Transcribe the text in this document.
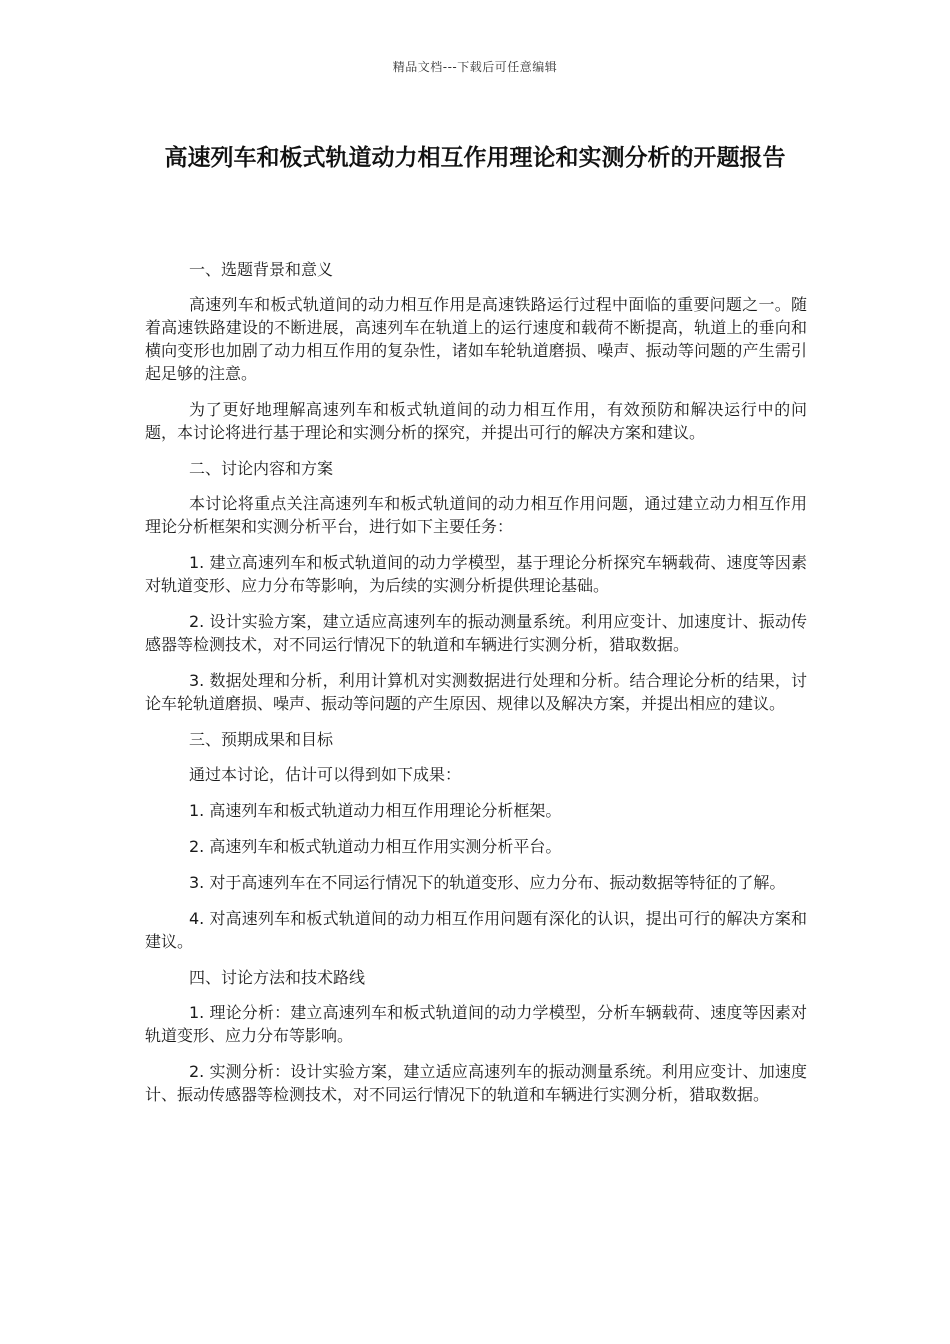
精品文档---下载后可任意编辑
高速列车和板式轨道动力相互作用理论和实测分析的开题报告

一、选题背景和意义

高速列车和板式轨道间的动力相互作用是高速铁路运行过程中面临的重要问题之一。随着高速铁路建设的不断进展，高速列车在轨道上的运行速度和载荷不断提高，轨道上的垂向和横向变形也加剧了动力相互作用的复杂性，诸如车轮轨道磨损、噪声、振动等问题的产生需引起足够的注意。

为了更好地理解高速列车和板式轨道间的动力相互作用，有效预防和解决运行中的问题，本讨论将进行基于理论和实测分析的探究，并提出可行的解决方案和建议。

二、讨论内容和方案

本讨论将重点关注高速列车和板式轨道间的动力相互作用问题，通过建立动力相互作用理论分析框架和实测分析平台，进行如下主要任务：

1. 建立高速列车和板式轨道间的动力学模型，基于理论分析探究车辆载荷、速度等因素对轨道变形、应力分布等影响，为后续的实测分析提供理论基础。

2. 设计实验方案，建立适应高速列车的振动测量系统。利用应变计、加速度计、振动传感器等检测技术，对不同运行情况下的轨道和车辆进行实测分析，猎取数据。

3. 数据处理和分析，利用计算机对实测数据进行处理和分析。结合理论分析的结果，讨论车轮轨道磨损、噪声、振动等问题的产生原因、规律以及解决方案，并提出相应的建议。

三、预期成果和目标

通过本讨论，估计可以得到如下成果：

1. 高速列车和板式轨道动力相互作用理论分析框架。

2. 高速列车和板式轨道动力相互作用实测分析平台。

3. 对于高速列车在不同运行情况下的轨道变形、应力分布、振动数据等特征的了解。

4. 对高速列车和板式轨道间的动力相互作用问题有深化的认识，提出可行的解决方案和建议。

四、讨论方法和技术路线

1. 理论分析：建立高速列车和板式轨道间的动力学模型，分析车辆载荷、速度等因素对轨道变形、应力分布等影响。

2. 实测分析：设计实验方案，建立适应高速列车的振动测量系统。利用应变计、加速度计、振动传感器等检测技术，对不同运行情况下的轨道和车辆进行实测分析，猎取数据。
